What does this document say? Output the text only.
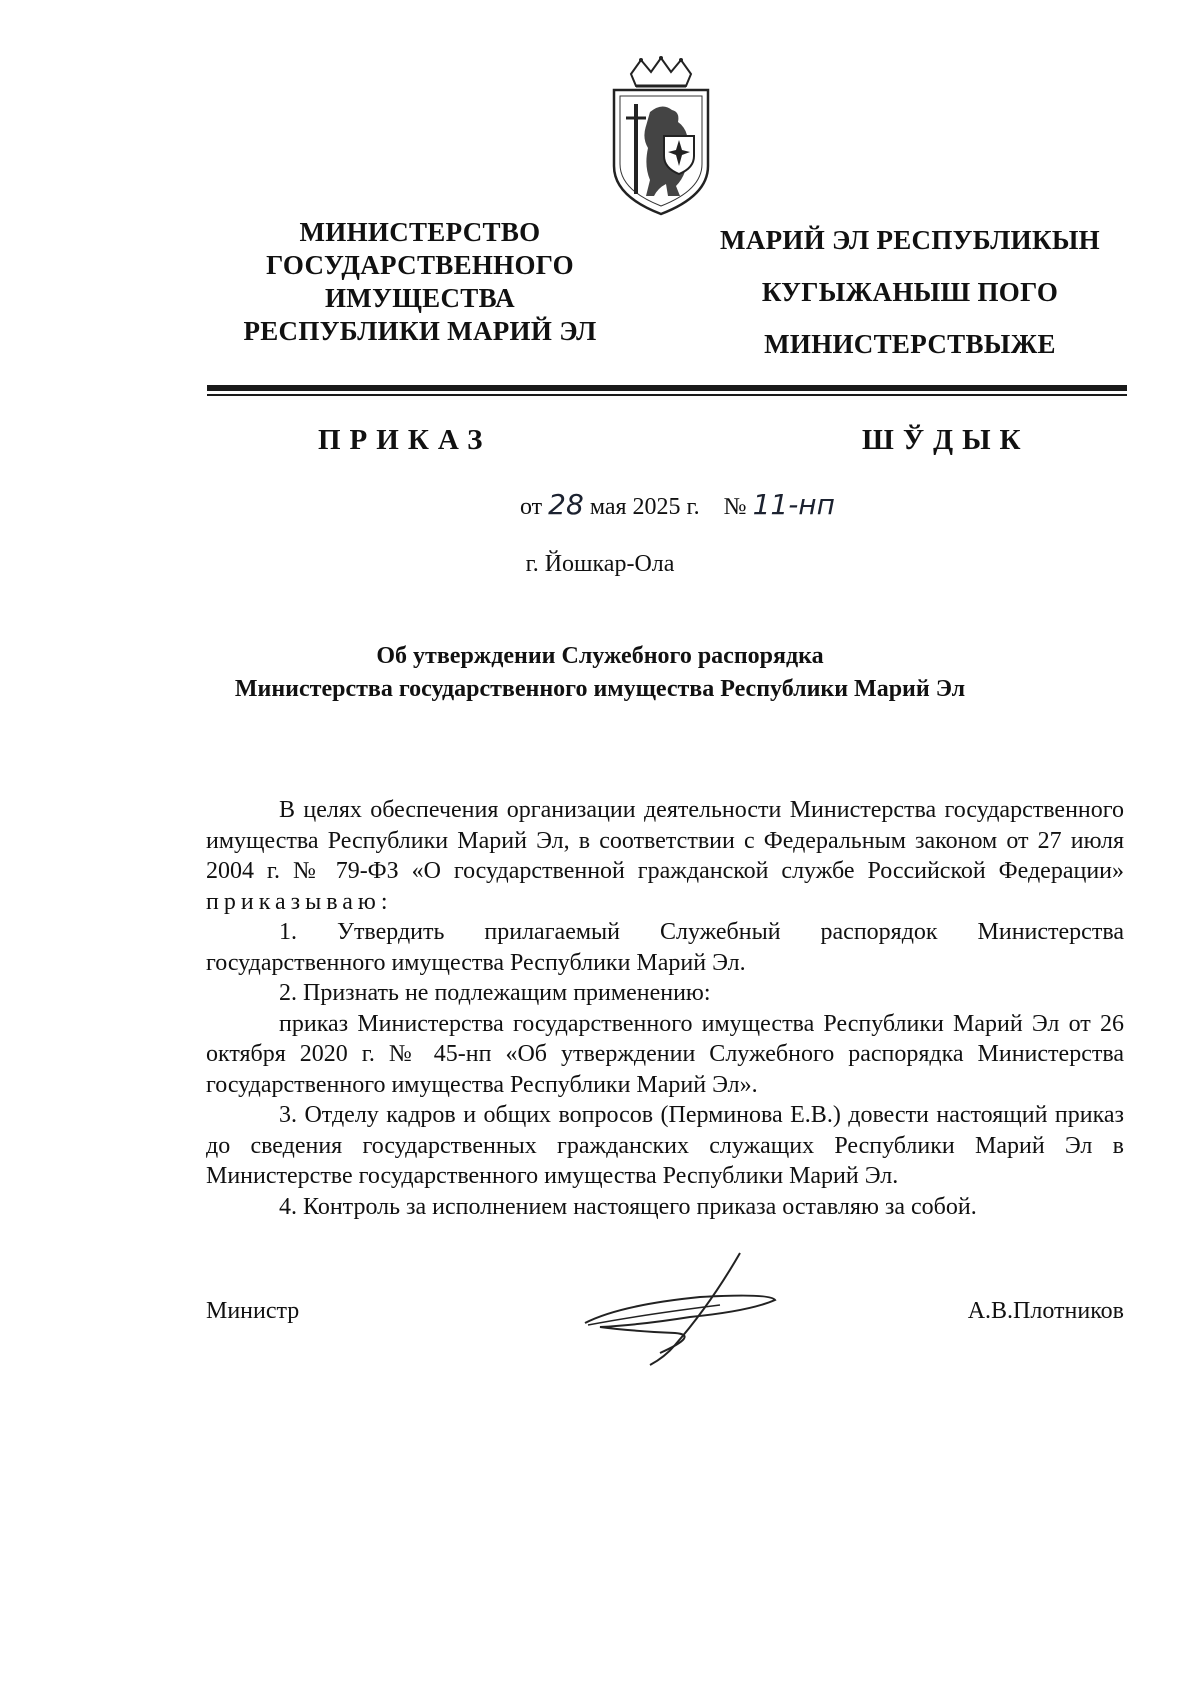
МИНИСТЕРСТВО
ГОСУДАРСТВЕННОГО
ИМУЩЕСТВА
РЕСПУБЛИКИ МАРИЙ ЭЛ
МАРИЙ ЭЛ РЕСПУБЛИКЫН
КУГЫЖАНЫШ ПОГО
МИНИСТЕРСТВЫЖЕ
ПРИКАЗ	ШЎДЫК
от 28 мая 2025 г. № 11-нп
г. Йошкар-Ола
Об утверждении Служебного распорядка
Министерства государственного имущества Республики Марий Эл

В целях обеспечения организации деятельности Министерства государственного имущества Республики Марий Эл, в соответствии с Федеральным законом от 27 июля 2004 г. № 79-ФЗ «О государственной гражданской службе Российской Федерации» приказываю:

1. Утвердить прилагаемый Служебный распорядок Министерства государственного имущества Республики Марий Эл.

2. Признать не подлежащим применению:

приказ Министерства государственного имущества Республики Марий Эл от 26 октября 2020 г. № 45-нп «Об утверждении Служебного распорядка Министерства государственного имущества Республики Марий Эл».

3. Отделу кадров и общих вопросов (Перминова Е.В.) довести настоящий приказ до сведения государственных гражданских служащих Республики Марий Эл в Министерстве государственного имущества Республики Марий Эл.

4. Контроль за исполнением настоящего приказа оставляю за собой.

Министр	А.В.Плотников
